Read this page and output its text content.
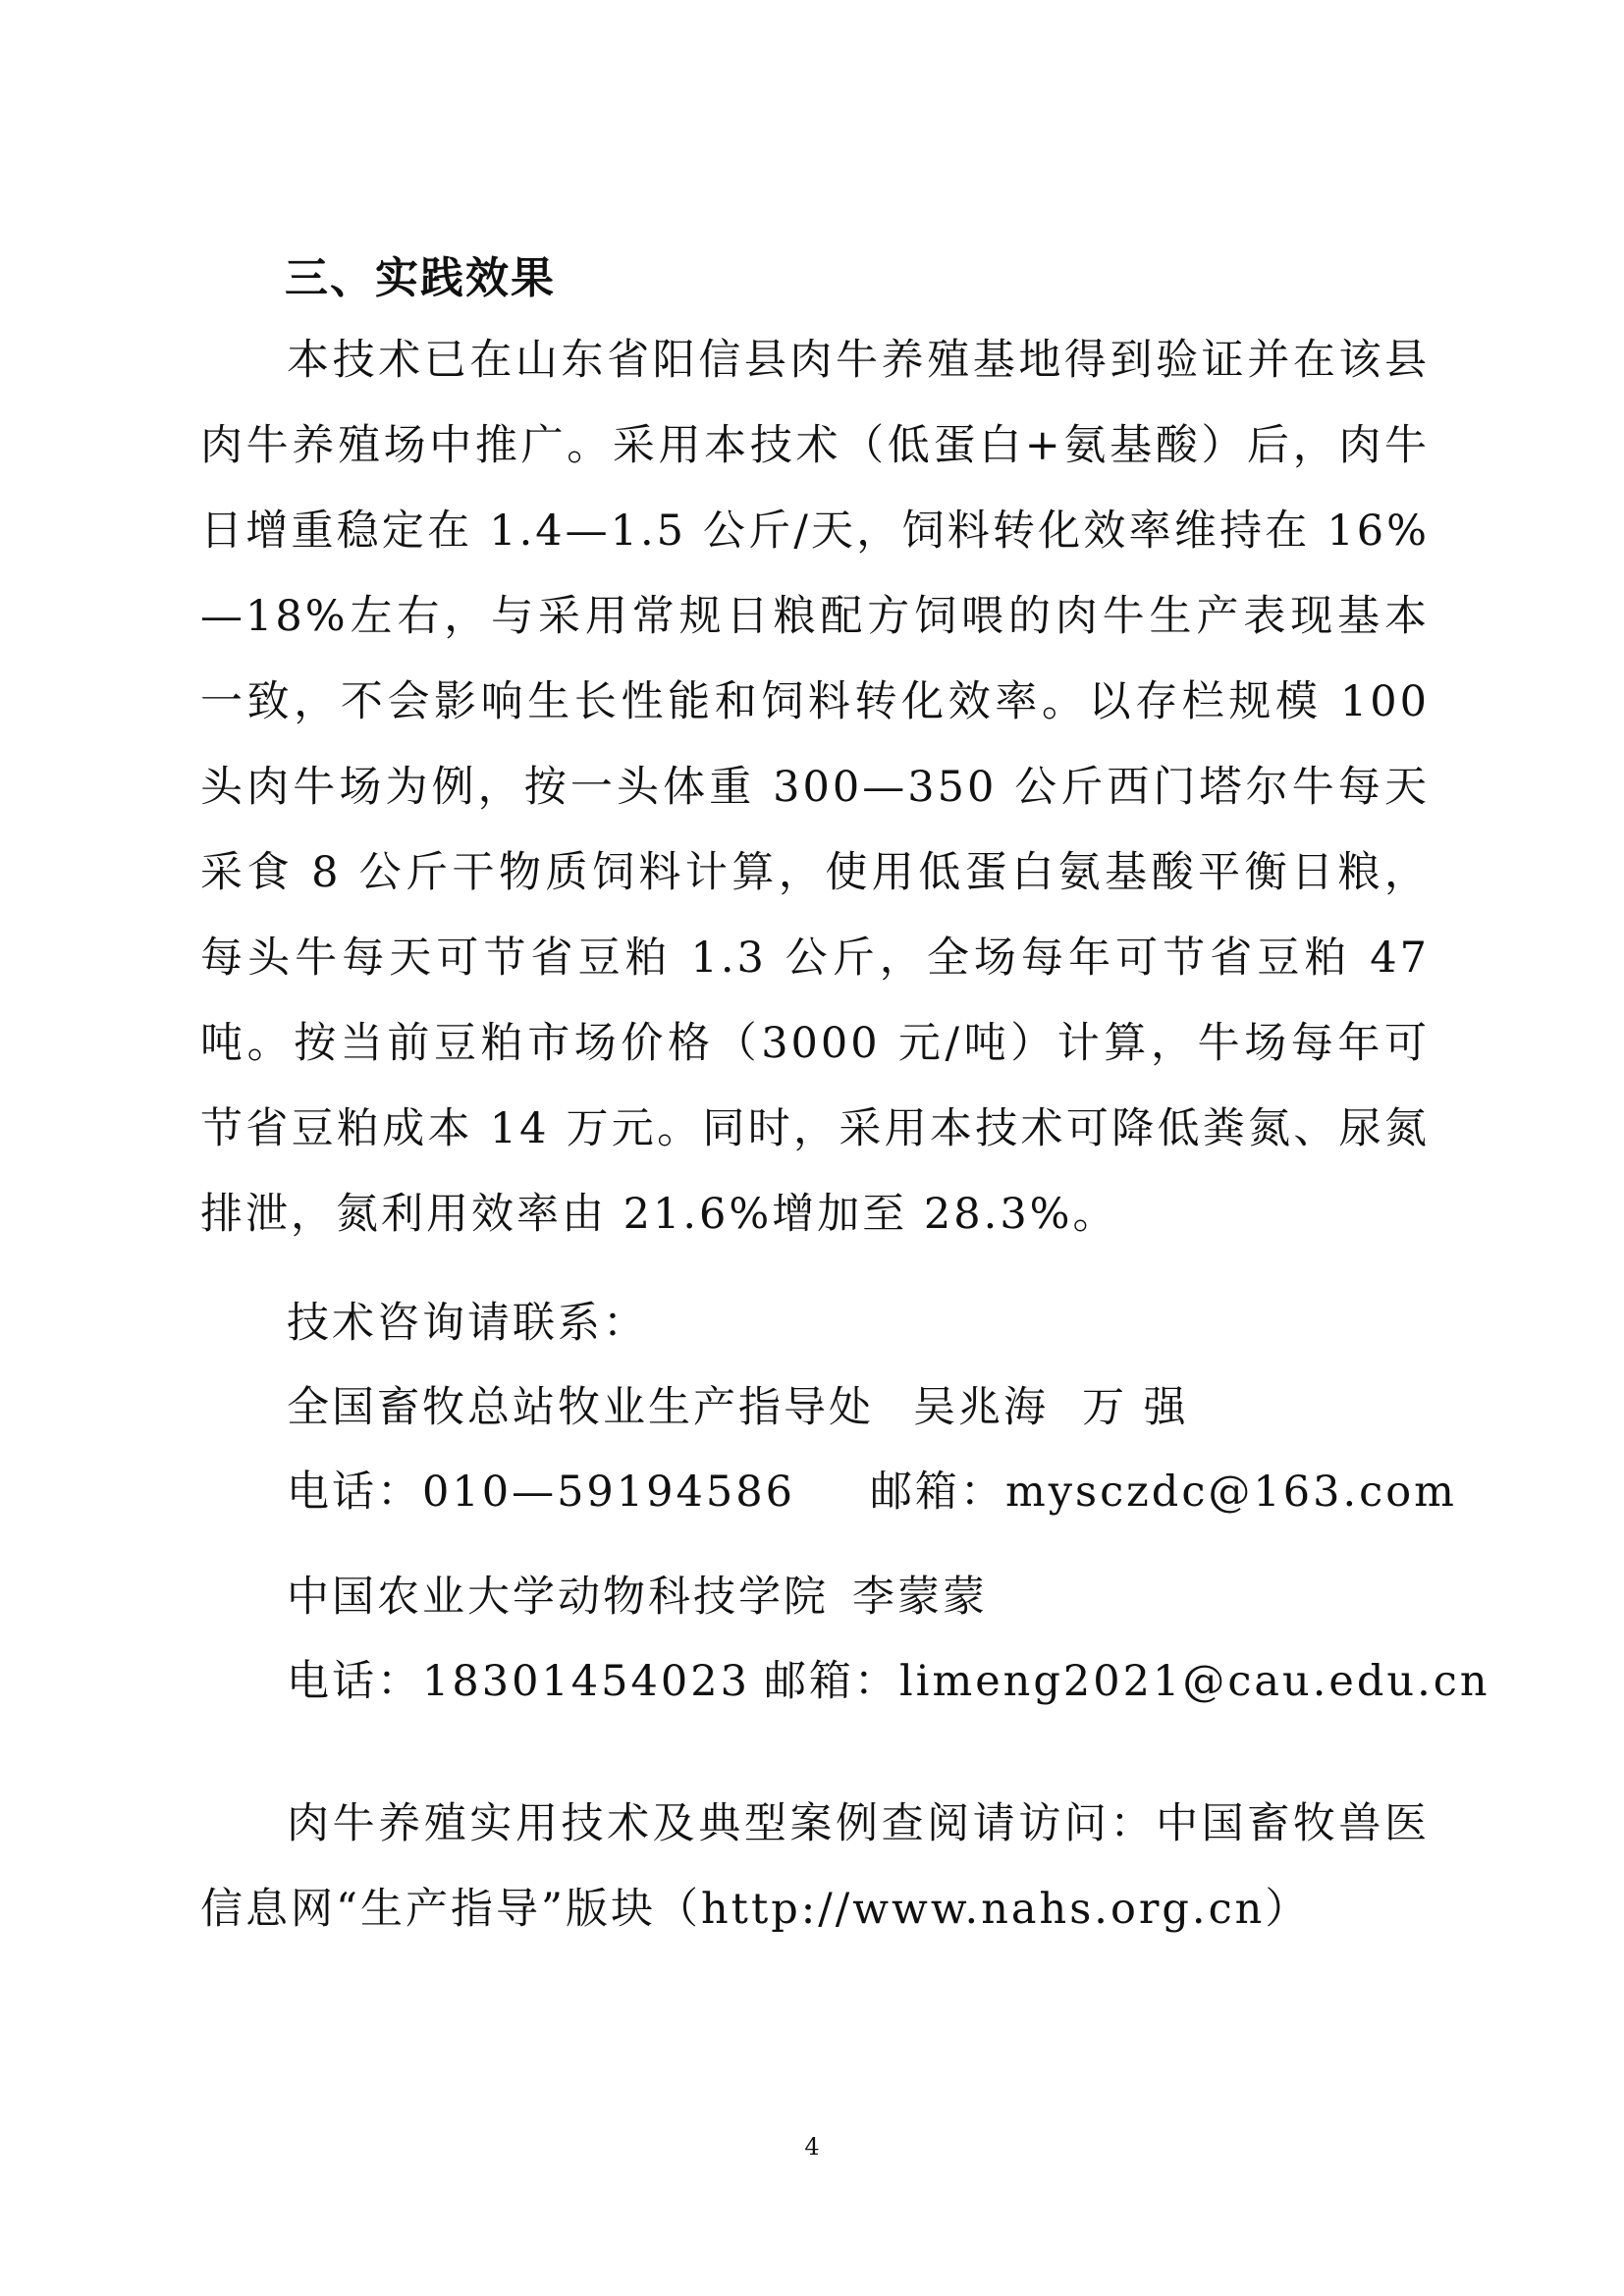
三、实践效果
本技术已在山东省阳信县肉牛养殖基地得到验证并在该县肉牛养殖场中推广。采用本技术（低蛋白+氨基酸）后，肉牛日增重稳定在 1.4—1.5 公斤/天，饲料转化效率维持在 16%—18%左右，与采用常规日粮配方饲喂的肉牛生产表现基本一致，不会影响生长性能和饲料转化效率。以存栏规模 100 头肉牛场为例，按一头体重 300—350 公斤西门塔尔牛每天采食 8 公斤干物质饲料计算，使用低蛋白氨基酸平衡日粮，每头牛每天可节省豆粕 1.3 公斤，全场每年可节省豆粕 47 吨。按当前豆粕市场价格（3000 元/吨）计算，牛场每年可节省豆粕成本 14 万元。同时，采用本技术可降低粪氮、尿氮排泄，氮利用效率由 21.6%增加至 28.3%。
技术咨询请联系：
全国畜牧总站牧业生产指导处 吴兆海 万 强
电话：010—59194586 邮箱：mysczdc@163.com
中国农业大学动物科技学院 李蒙蒙
电话：18301454023 邮箱：limeng2021@cau.edu.cn
肉牛养殖实用技术及典型案例查阅请访问：中国畜牧兽医信息网“生产指导”版块（http://www.nahs.org.cn）
4
